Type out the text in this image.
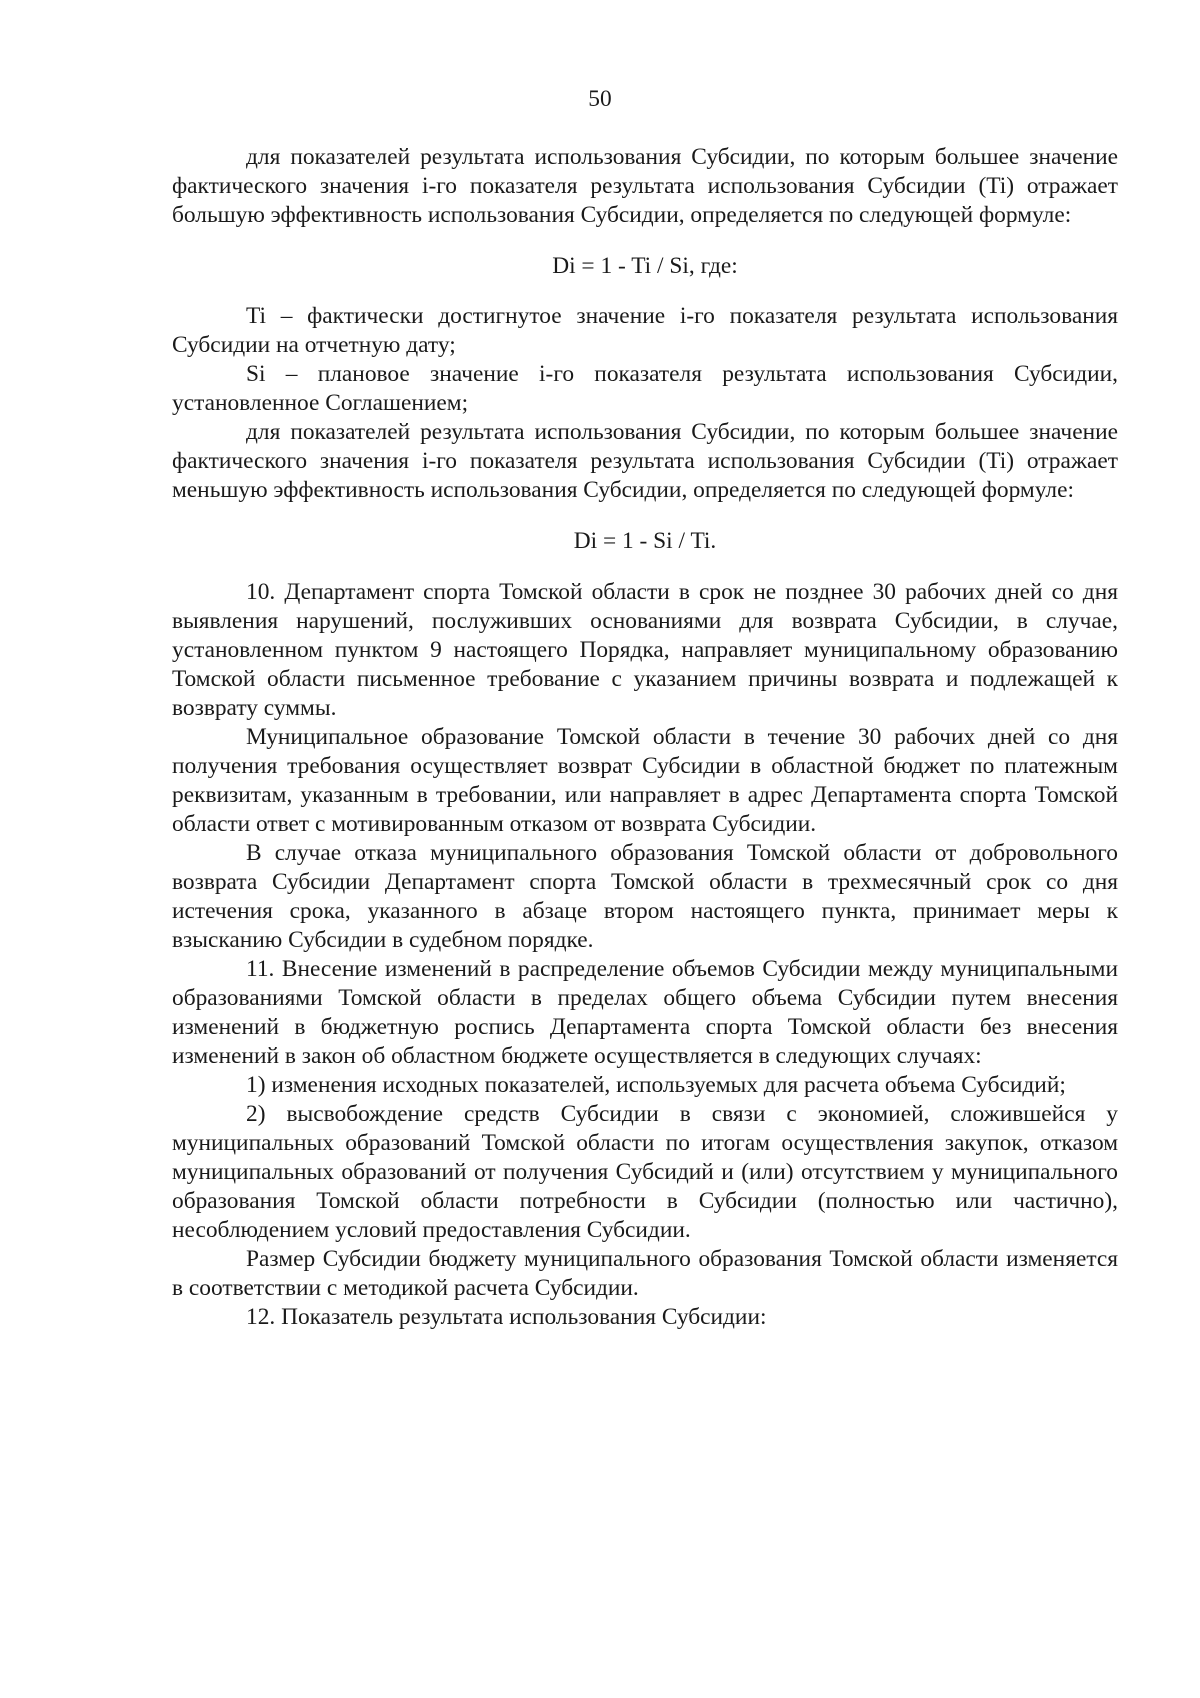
50

для показателей результата использования Субсидии, по которым большее значение фактического значения i-го показателя результата использования Субсидии (Ti) отражает большую эффективность использования Субсидии, определяется по следующей формуле:

Di = 1 - Ti / Si, где:

Ti – фактически достигнутое значение i-го показателя результата использования Субсидии на отчетную дату;

Si – плановое значение i-го показателя результата использования Субсидии, установленное Соглашением;

для показателей результата использования Субсидии, по которым большее значение фактического значения i-го показателя результата использования Субсидии (Ti) отражает меньшую эффективность использования Субсидии, определяется по следующей формуле:

Di = 1 - Si / Ti.

10. Департамент спорта Томской области в срок не позднее 30 рабочих дней со дня выявления нарушений, послуживших основаниями для возврата Субсидии, в случае, установленном пунктом 9 настоящего Порядка, направляет муниципальному образованию Томской области письменное требование с указанием причины возврата и подлежащей к возврату суммы.

Муниципальное образование Томской области в течение 30 рабочих дней со дня получения требования осуществляет возврат Субсидии в областной бюджет по платежным реквизитам, указанным в требовании, или направляет в адрес Департамента спорта Томской области ответ с мотивированным отказом от возврата Субсидии.

В случае отказа муниципального образования Томской области от добровольного возврата Субсидии Департамент спорта Томской области в трехмесячный срок со дня истечения срока, указанного в абзаце втором настоящего пункта, принимает меры к взысканию Субсидии в судебном порядке.

11. Внесение изменений в распределение объемов Субсидии между муниципальными образованиями Томской области в пределах общего объема Субсидии путем внесения изменений в бюджетную роспись Департамента спорта Томской области без внесения изменений в закон об областном бюджете осуществляется в следующих случаях:

1) изменения исходных показателей, используемых для расчета объема Субсидий;

2) высвобождение средств Субсидии в связи с экономией, сложившейся у муниципальных образований Томской области по итогам осуществления закупок, отказом муниципальных образований от получения Субсидий и (или) отсутствием у муниципального образования Томской области потребности в Субсидии (полностью или частично), несоблюдением условий предоставления Субсидии.

Размер Субсидии бюджету муниципального образования Томской области изменяется в соответствии с методикой расчета Субсидии.

12. Показатель результата использования Субсидии:
